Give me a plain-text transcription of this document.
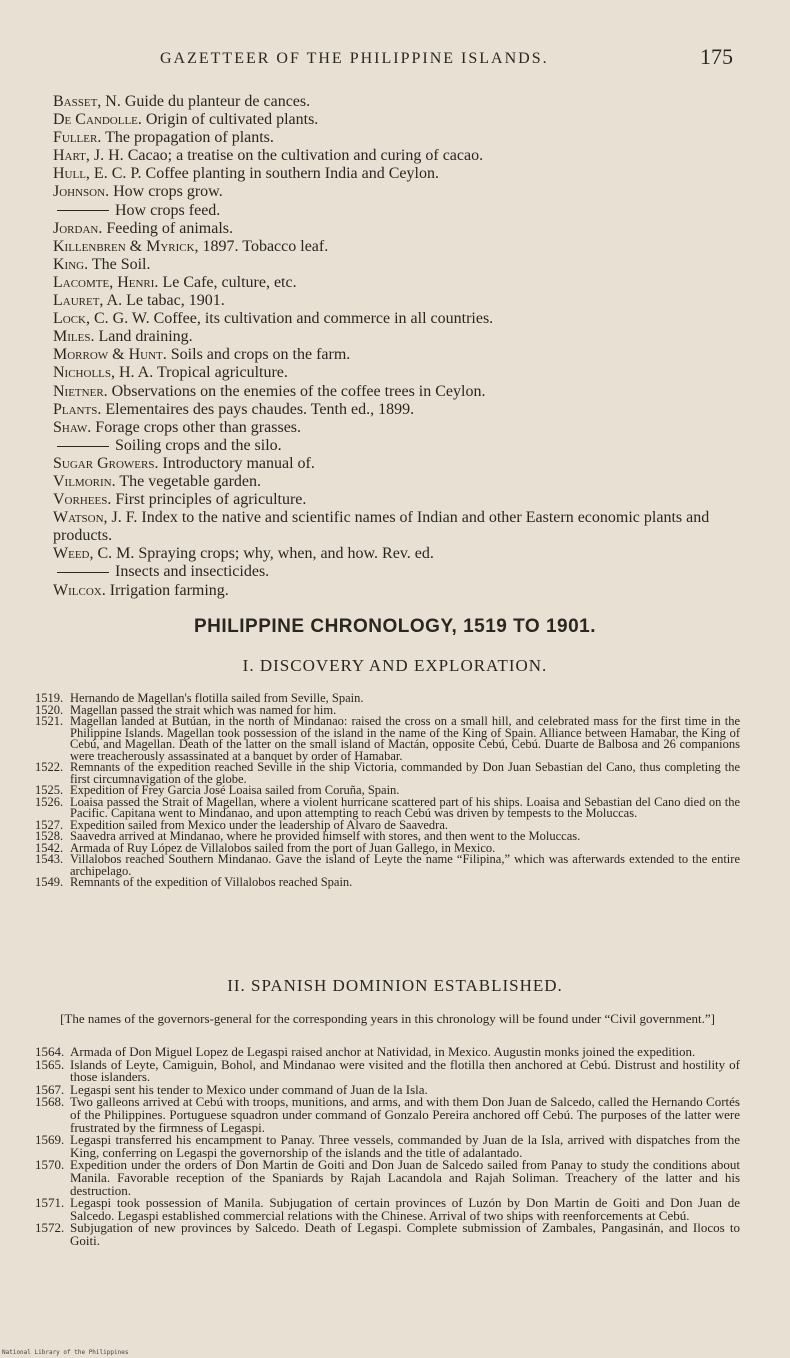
GAZETTEER OF THE PHILIPPINE ISLANDS.	175
Basset, N. Guide du planteur de cances.
De Candolle. Origin of cultivated plants.
Fuller. The propagation of plants.
Hart, J. H. Cacao; a treatise on the cultivation and curing of cacao.
Hull, E. C. P. Coffee planting in southern India and Ceylon.
Johnson. How crops grow.
How crops feed.
Jordan. Feeding of animals.
Killenbren & Myrick, 1897. Tobacco leaf.
King. The Soil.
Lacomte, Henri. Le Cafe, culture, etc.
Lauret, A. Le tabac, 1901.
Lock, C. G. W. Coffee, its cultivation and commerce in all countries.
Miles. Land draining.
Morrow & Hunt. Soils and crops on the farm.
Nicholls, H. A. Tropical agriculture.
Nietner. Observations on the enemies of the coffee trees in Ceylon.
Plants. Elementaires des pays chaudes. Tenth ed., 1899.
Shaw. Forage crops other than grasses.
Soiling crops and the silo.
Sugar Growers. Introductory manual of.
Vilmorin. The vegetable garden.
Vorhees. First principles of agriculture.
Watson, J. F. Index to the native and scientific names of Indian and other Eastern economic plants and products.
Weed, C. M. Spraying crops; why, when, and how. Rev. ed.
Insects and insecticides.
Wilcox. Irrigation farming.
PHILIPPINE CHRONOLOGY, 1519 TO 1901.
I. DISCOVERY AND EXPLORATION.
1519. Hernando de Magellan's flotilla sailed from Seville, Spain.
1520. Magellan passed the strait which was named for him.
1521. Magellan landed at Butúan, in the north of Mindanao: raised the cross on a small hill, and celebrated mass for the first time in the Philippine Islands. Magellan took possession of the island in the name of the King of Spain. Alliance between Hamabar, the King of Cebú, and Magellan. Death of the latter on the small island of Mactán, opposite Cebú, Cebú. Duarte de Balbosa and 26 companions were treacherously assassinated at a banquet by order of Hamabar.
1522. Remnants of the expedition reached Seville in the ship Victoria, commanded by Don Juan Sebastian del Cano, thus completing the first circumnavigation of the globe.
1525. Expedition of Frey Garcia José Loaisa sailed from Coruña, Spain.
1526. Loaisa passed the Strait of Magellan, where a violent hurricane scattered part of his ships. Loaisa and Sebastian del Cano died on the Pacific. Capitana went to Mindanao, and upon attempting to reach Cebú was driven by tempests to the Moluccas.
1527. Expedition sailed from Mexico under the leadership of Alvaro de Saavedra.
1528. Saavedra arrived at Mindanao, where he provided himself with stores, and then went to the Moluccas.
1542. Armada of Ruy López de Villalobos sailed from the port of Juan Gallego, in Mexico.
1543. Villalobos reached Southern Mindanao. Gave the island of Leyte the name “Filipina,” which was afterwards extended to the entire archipelago.
1549. Remnants of the expedition of Villalobos reached Spain.
II. SPANISH DOMINION ESTABLISHED.
[The names of the governors-general for the corresponding years in this chronology will be found under “Civil government.”]
1564. Armada of Don Miguel Lopez de Legaspi raised anchor at Natividad, in Mexico. Augustin monks joined the expedition.
1565. Islands of Leyte, Camiguin, Bohol, and Mindanao were visited and the flotilla then anchored at Cebú. Distrust and hostility of those islanders.
1567. Legaspi sent his tender to Mexico under command of Juan de la Isla.
1568. Two galleons arrived at Cebú with troops, munitions, and arms, and with them Don Juan de Salcedo, called the Hernando Cortés of the Philippines. Portuguese squadron under command of Gonzalo Pereira anchored off Cebú. The purposes of the latter were frustrated by the firmness of Legaspi.
1569. Legaspi transferred his encampment to Panay. Three vessels, commanded by Juan de la Isla, arrived with dispatches from the King, conferring on Legaspi the governorship of the islands and the title of adalantado.
1570. Expedition under the orders of Don Martin de Goiti and Don Juan de Salcedo sailed from Panay to study the conditions about Manila. Favorable reception of the Spaniards by Rajah Lacandola and Rajah Soliman. Treachery of the latter and his destruction.
1571. Legaspi took possession of Manila. Subjugation of certain provinces of Luzón by Don Martin de Goiti and Don Juan de Salcedo. Legaspi established commercial relations with the Chinese. Arrival of two ships with reenforcements at Cebú.
1572. Subjugation of new provinces by Salcedo. Death of Legaspi. Complete submission of Zambales, Pangasinán, and Ilocos to Goiti.
National Library of the Philippines
